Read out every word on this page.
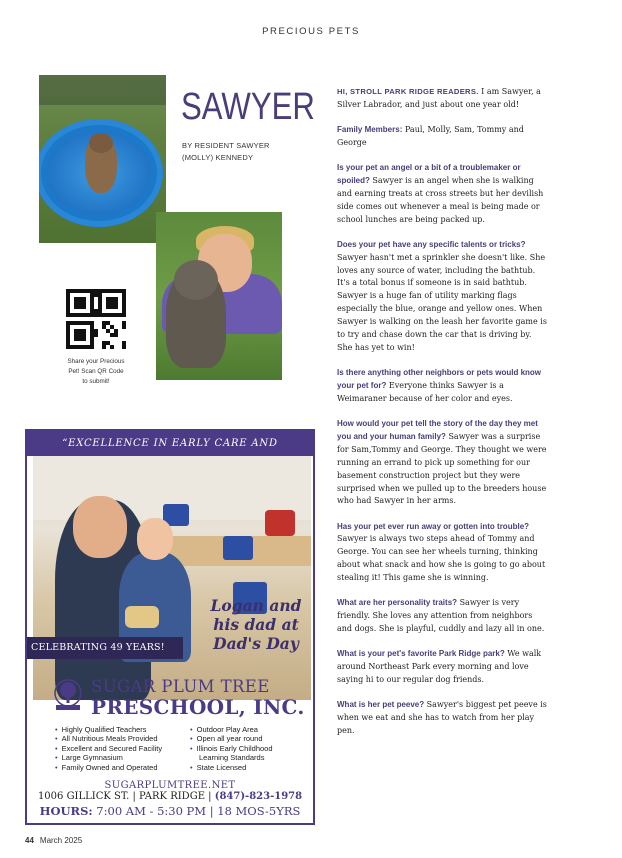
PRECIOUS PETS
SAWYER
BY RESIDENT SAWYER
(MOLLY) KENNEDY
Share your Precious
Pet! Scan QR Code
to submit!
“EXCELLENCE IN EARLY CARE AND
Logan and
his dad at
Dad's Day
CELEBRATING 49 YEARS!
SUGAR PLUM TREE
PRESCHOOL, INC.
• Highly Qualified Teachers
• All Nutritious Meals Provided
• Excellent and Secured Facility
• Large Gymnasium
• Family Owned and Operated
• Outdoor Play Area
• Open all year round
• Illinois Early Childhood
Learning Standards
• State Licensed
SUGARPLUMTREE.NET
1006 GILLICK ST. | PARK RIDGE | (847)-823-1978
HOURS: 7:00 AM - 5:30 PM | 18 MOS-5YRS

HI, STROLL PARK RIDGE READERS. I am Sawyer, a Silver Labrador, and just about one year old!

Family Members: Paul, Molly, Sam, Tommy and George

Is your pet an angel or a bit of a troublemaker or spoiled? Sawyer is an angel when she is walking and earning treats at cross streets but her devilish side comes out whenever a meal is being made or school lunches are being packed up.

Does your pet have any specific talents or tricks? Sawyer hasn't met a sprinkler she doesn't like. She loves any source of water, including the bathtub. It's a total bonus if someone is in said bathtub. Sawyer is a huge fan of utility marking flags especially the blue, orange and yellow ones. When Sawyer is walking on the leash her favorite game is to try and chase down the car that is driving by. She has yet to win!

Is there anything other neighbors or pets would know your pet for? Everyone thinks Sawyer is a Weimaraner because of her color and eyes.

How would your pet tell the story of the day they met you and your human family? Sawyer was a surprise for Sam,Tommy and George. They thought we were running an errand to pick up something for our basement construction project but they were surprised when we pulled up to the breeders house who had Sawyer in her arms.

Has your pet ever run away or gotten into trouble? Sawyer is always two steps ahead of Tommy and George. You can see her wheels turning, thinking about what snack and how she is going to go about stealing it! This game she is winning.

What are her personality traits? Sawyer is very friendly. She loves any attention from neighbors and dogs. She is playful, cuddly and lazy all in one.

What is your pet's favorite Park Ridge park? We walk around Northeast Park every morning and love saying hi to our regular dog friends.

What is her pet peeve? Sawyer's biggest pet peeve is when we eat and she has to watch from her play pen.

44 March 2025
